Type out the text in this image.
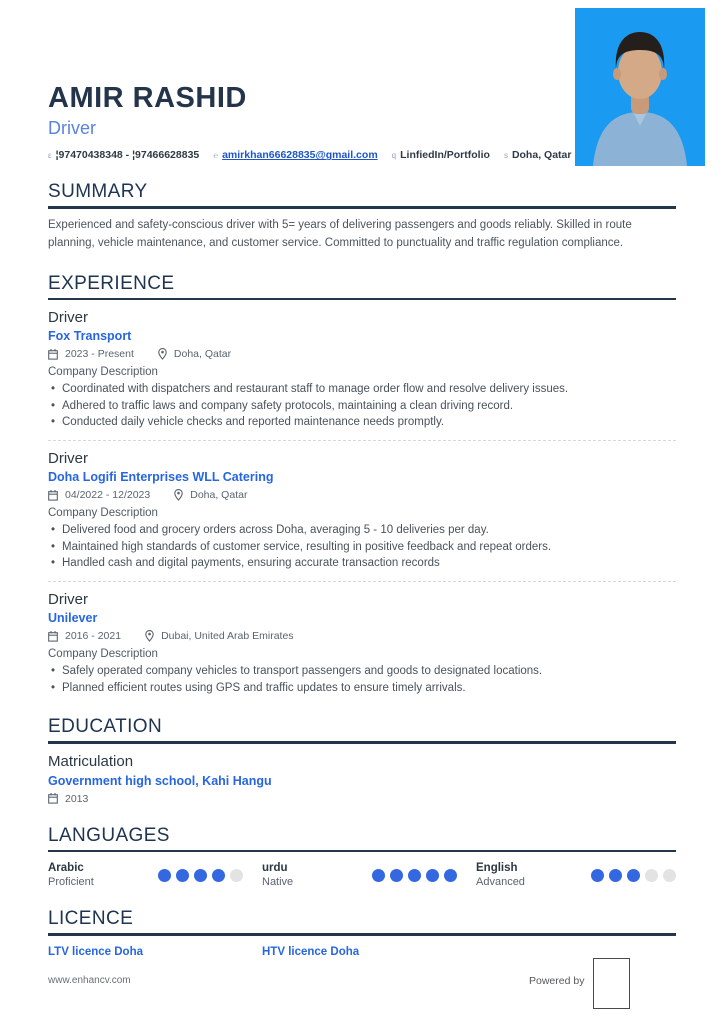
AMIR RASHID
Driver
ε ¦97470438348 - ¦97466628835 ℮ amirkhan66628835@gmail.com q LinfiedIn/Portfolio s Doha, Qatar
SUMMARY
Experienced and safety-conscious driver with 5= years of delivering passengers and goods reliably. Skilled in route planning, vehicle maintenance, and customer service. Committed to punctuality and traffic regulation compliance.
EXPERIENCE
Driver
Fox Transport
2023 - Present	Doha, Qatar
Company Description
• Coordinated with dispatchers and restaurant staff to manage order flow and resolve delivery issues.
• Adhered to traffic laws and company safety protocols, maintaining a clean driving record.
• Conducted daily vehicle checks and reported maintenance needs promptly.
Driver
Doha Logifi Enterprises WLL Catering
04/2022 - 12/2023	Doha, Qatar
Company Description
• Delivered food and grocery orders across Doha, averaging 5 - 10 deliveries per day.
• Maintained high standards of customer service, resulting in positive feedback and repeat orders.
• Handled cash and digital payments, ensuring accurate transaction records
Driver
Unilever
2016 - 2021	Dubai, United Arab Emirates
Company Description
• Safely operated company vehicles to transport passengers and goods to designated locations.
• Planned efficient routes using GPS and traffic updates to ensure timely arrivals.
EDUCATION
Matriculation
Government high school, Kahi Hangu
2013
LANGUAGES
Arabic
Proficient
urdu
Native
English
Advanced
LICENCE
LTV licence Doha	HTV licence Doha
www.enhancv.com	Powered by
